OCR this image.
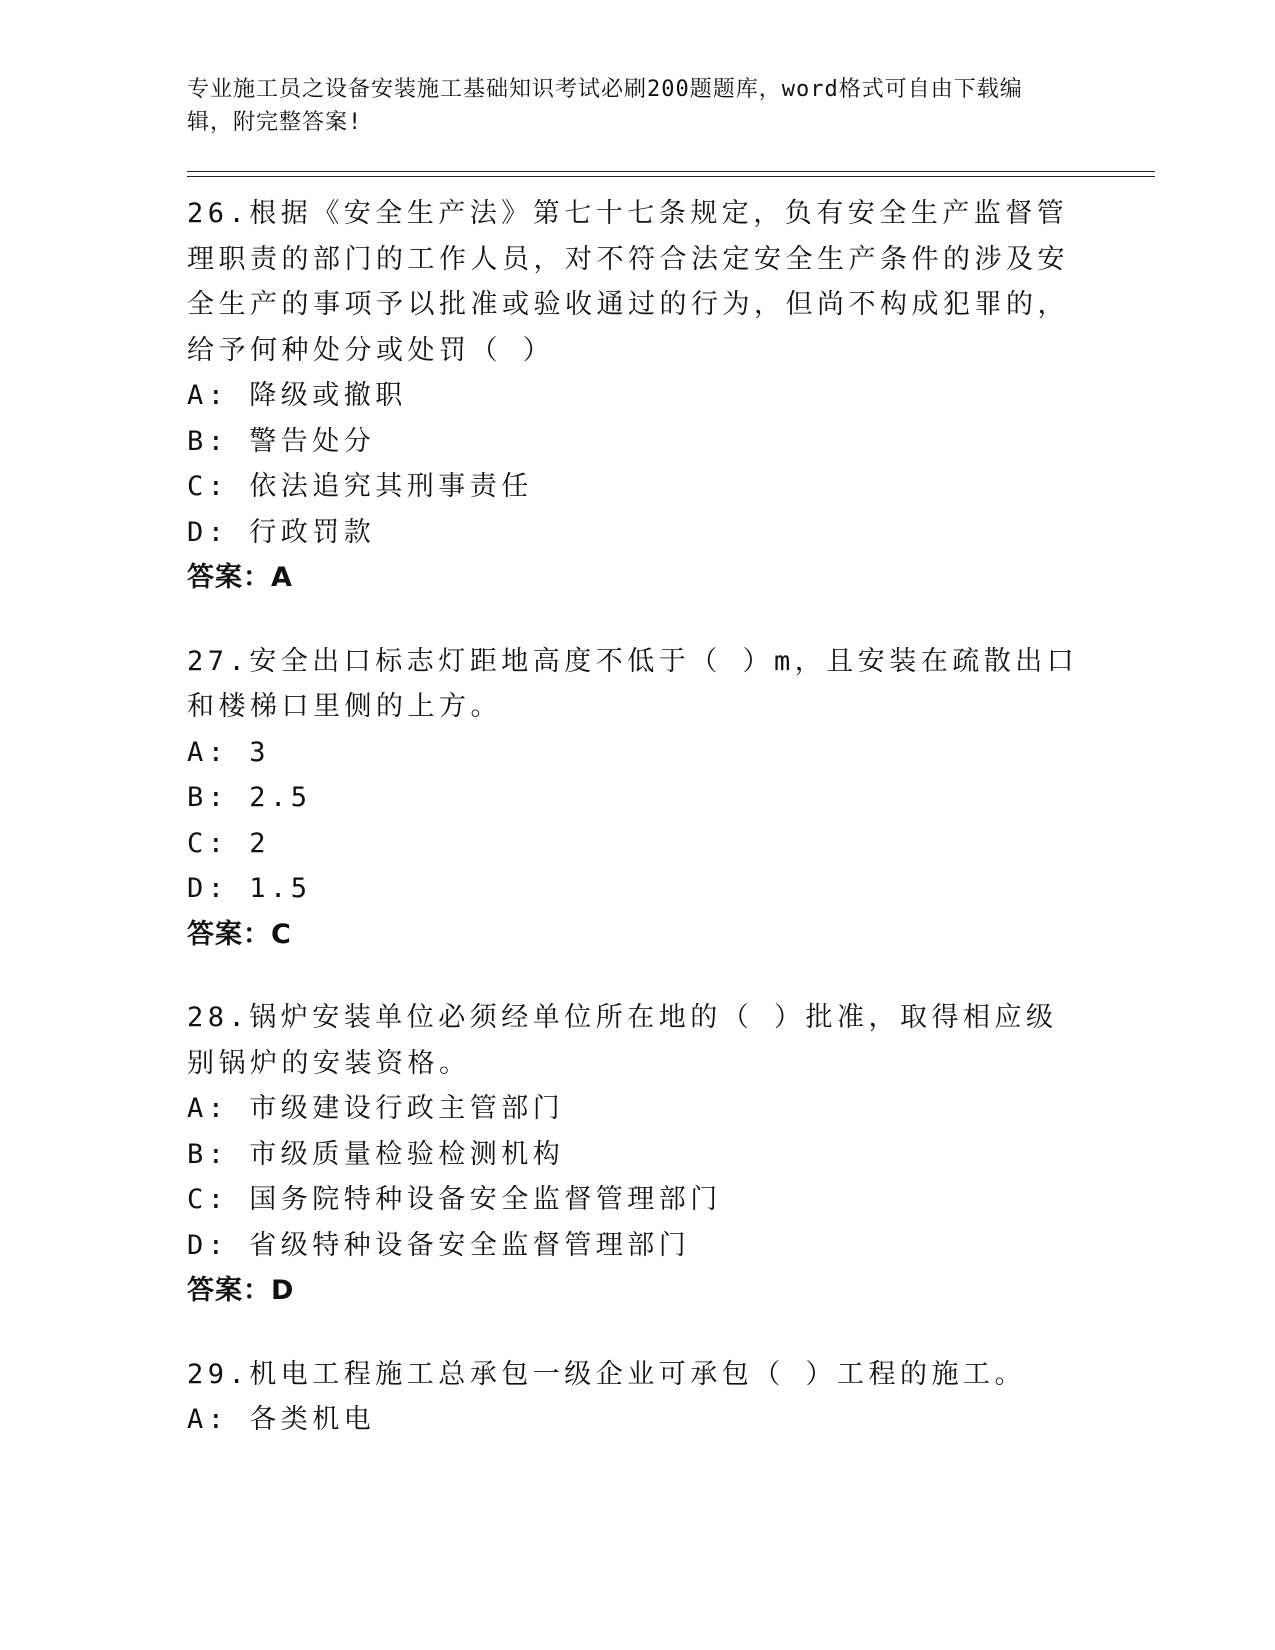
专业施工员之设备安装施工基础知识考试必刷200题题库，word格式可自由下载编辑，附完整答案!
26.根据《安全生产法》第七十七条规定，负有安全生产监督管理职责的部门的工作人员，对不符合法定安全生产条件的涉及安全生产的事项予以批准或验收通过的行为，但尚不构成犯罪的，给予何种处分或处罚（ ）
A: 降级或撤职
B: 警告处分
C: 依法追究其刑事责任
D: 行政罚款
答案：A
27.安全出口标志灯距地高度不低于（ ）m，且安装在疏散出口和楼梯口里侧的上方。
A: 3
B: 2.5
C: 2
D: 1.5
答案：C
28.锅炉安装单位必须经单位所在地的（ ）批准，取得相应级别锅炉的安装资格。
A: 市级建设行政主管部门
B: 市级质量检验检测机构
C: 国务院特种设备安全监督管理部门
D: 省级特种设备安全监督管理部门
答案：D
29.机电工程施工总承包一级企业可承包（ ）工程的施工。
A: 各类机电
